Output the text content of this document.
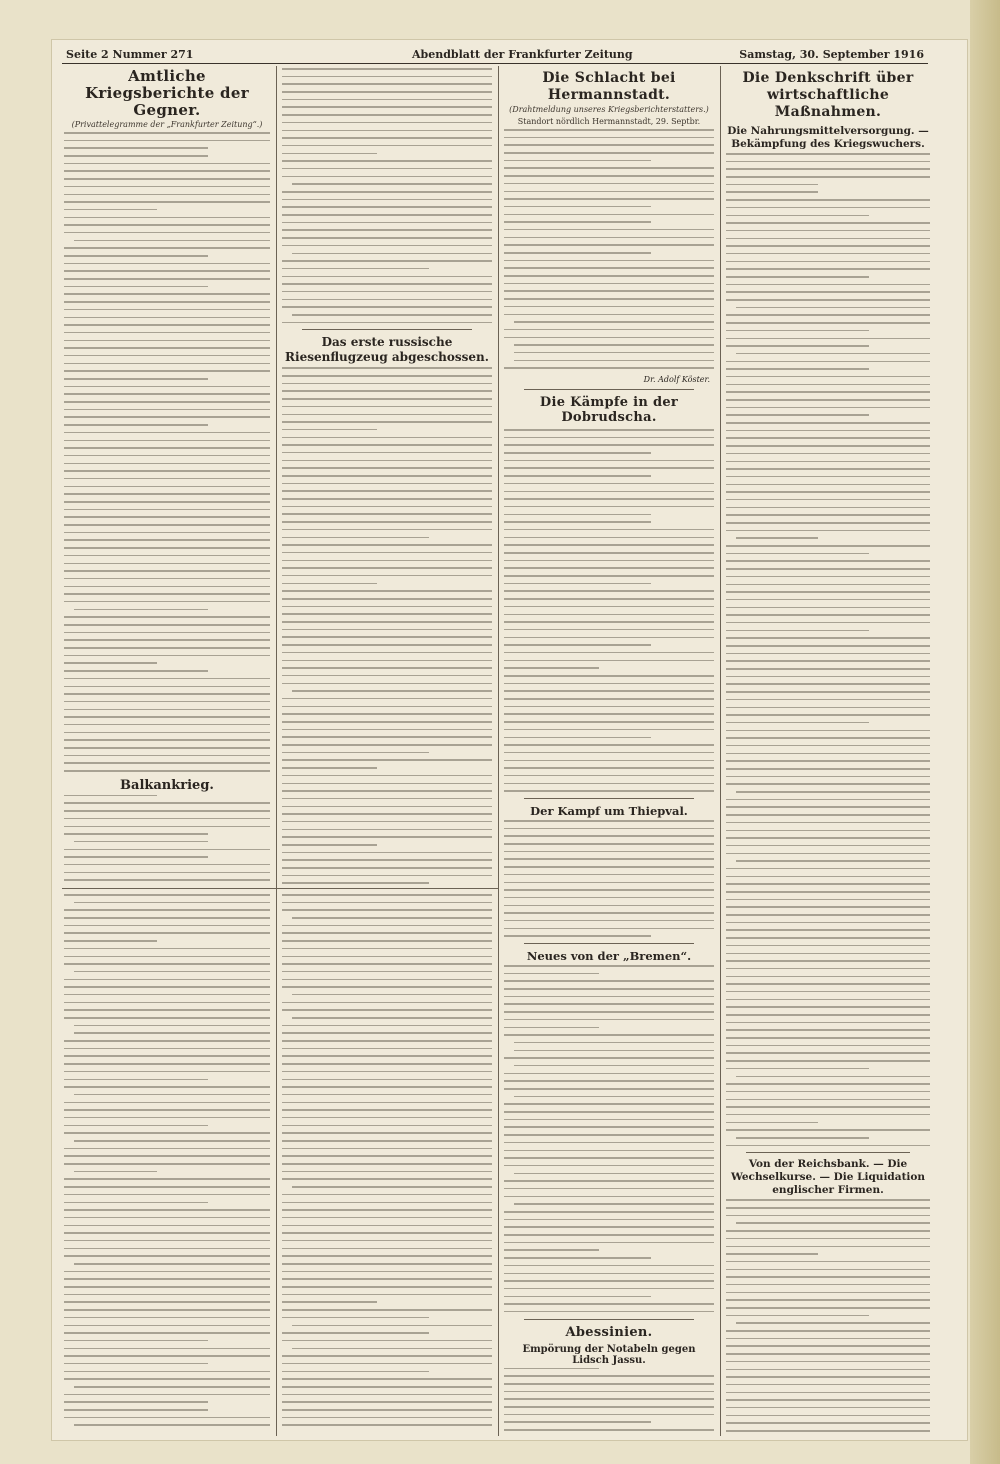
Seite 2 Nummer 271	Abendblatt der Frankfurter Zeitung	Samstag, 30. September 1916
Amtliche Kriegsberichte der Gegner.
(Privattelegramme der „Frankfurter Zeitung“.)
Balkankrieg.
Das erste russische Riesenflugzeug abgeschossen.
Die Schlacht bei Hermannstadt.
(Drahtmeldung unseres Kriegsberichterstatters.)
Standort nördlich Hermannstadt, 29. Septbr.
Dr. Adolf Köster.
Die Kämpfe in der Dobrudscha.
Der Kampf um Thiepval.
Neues von der „Bremen“.
Abessinien.
Empörung der Notabeln gegen Lidsch Jassu.
Die Denkschrift über wirtschaftliche Maßnahmen.
Die Nahrungsmittelversorgung. — Bekämpfung des Kriegswuchers.
Von der Reichsbank. — Die Wechselkurse. — Die Liquidation englischer Firmen.
